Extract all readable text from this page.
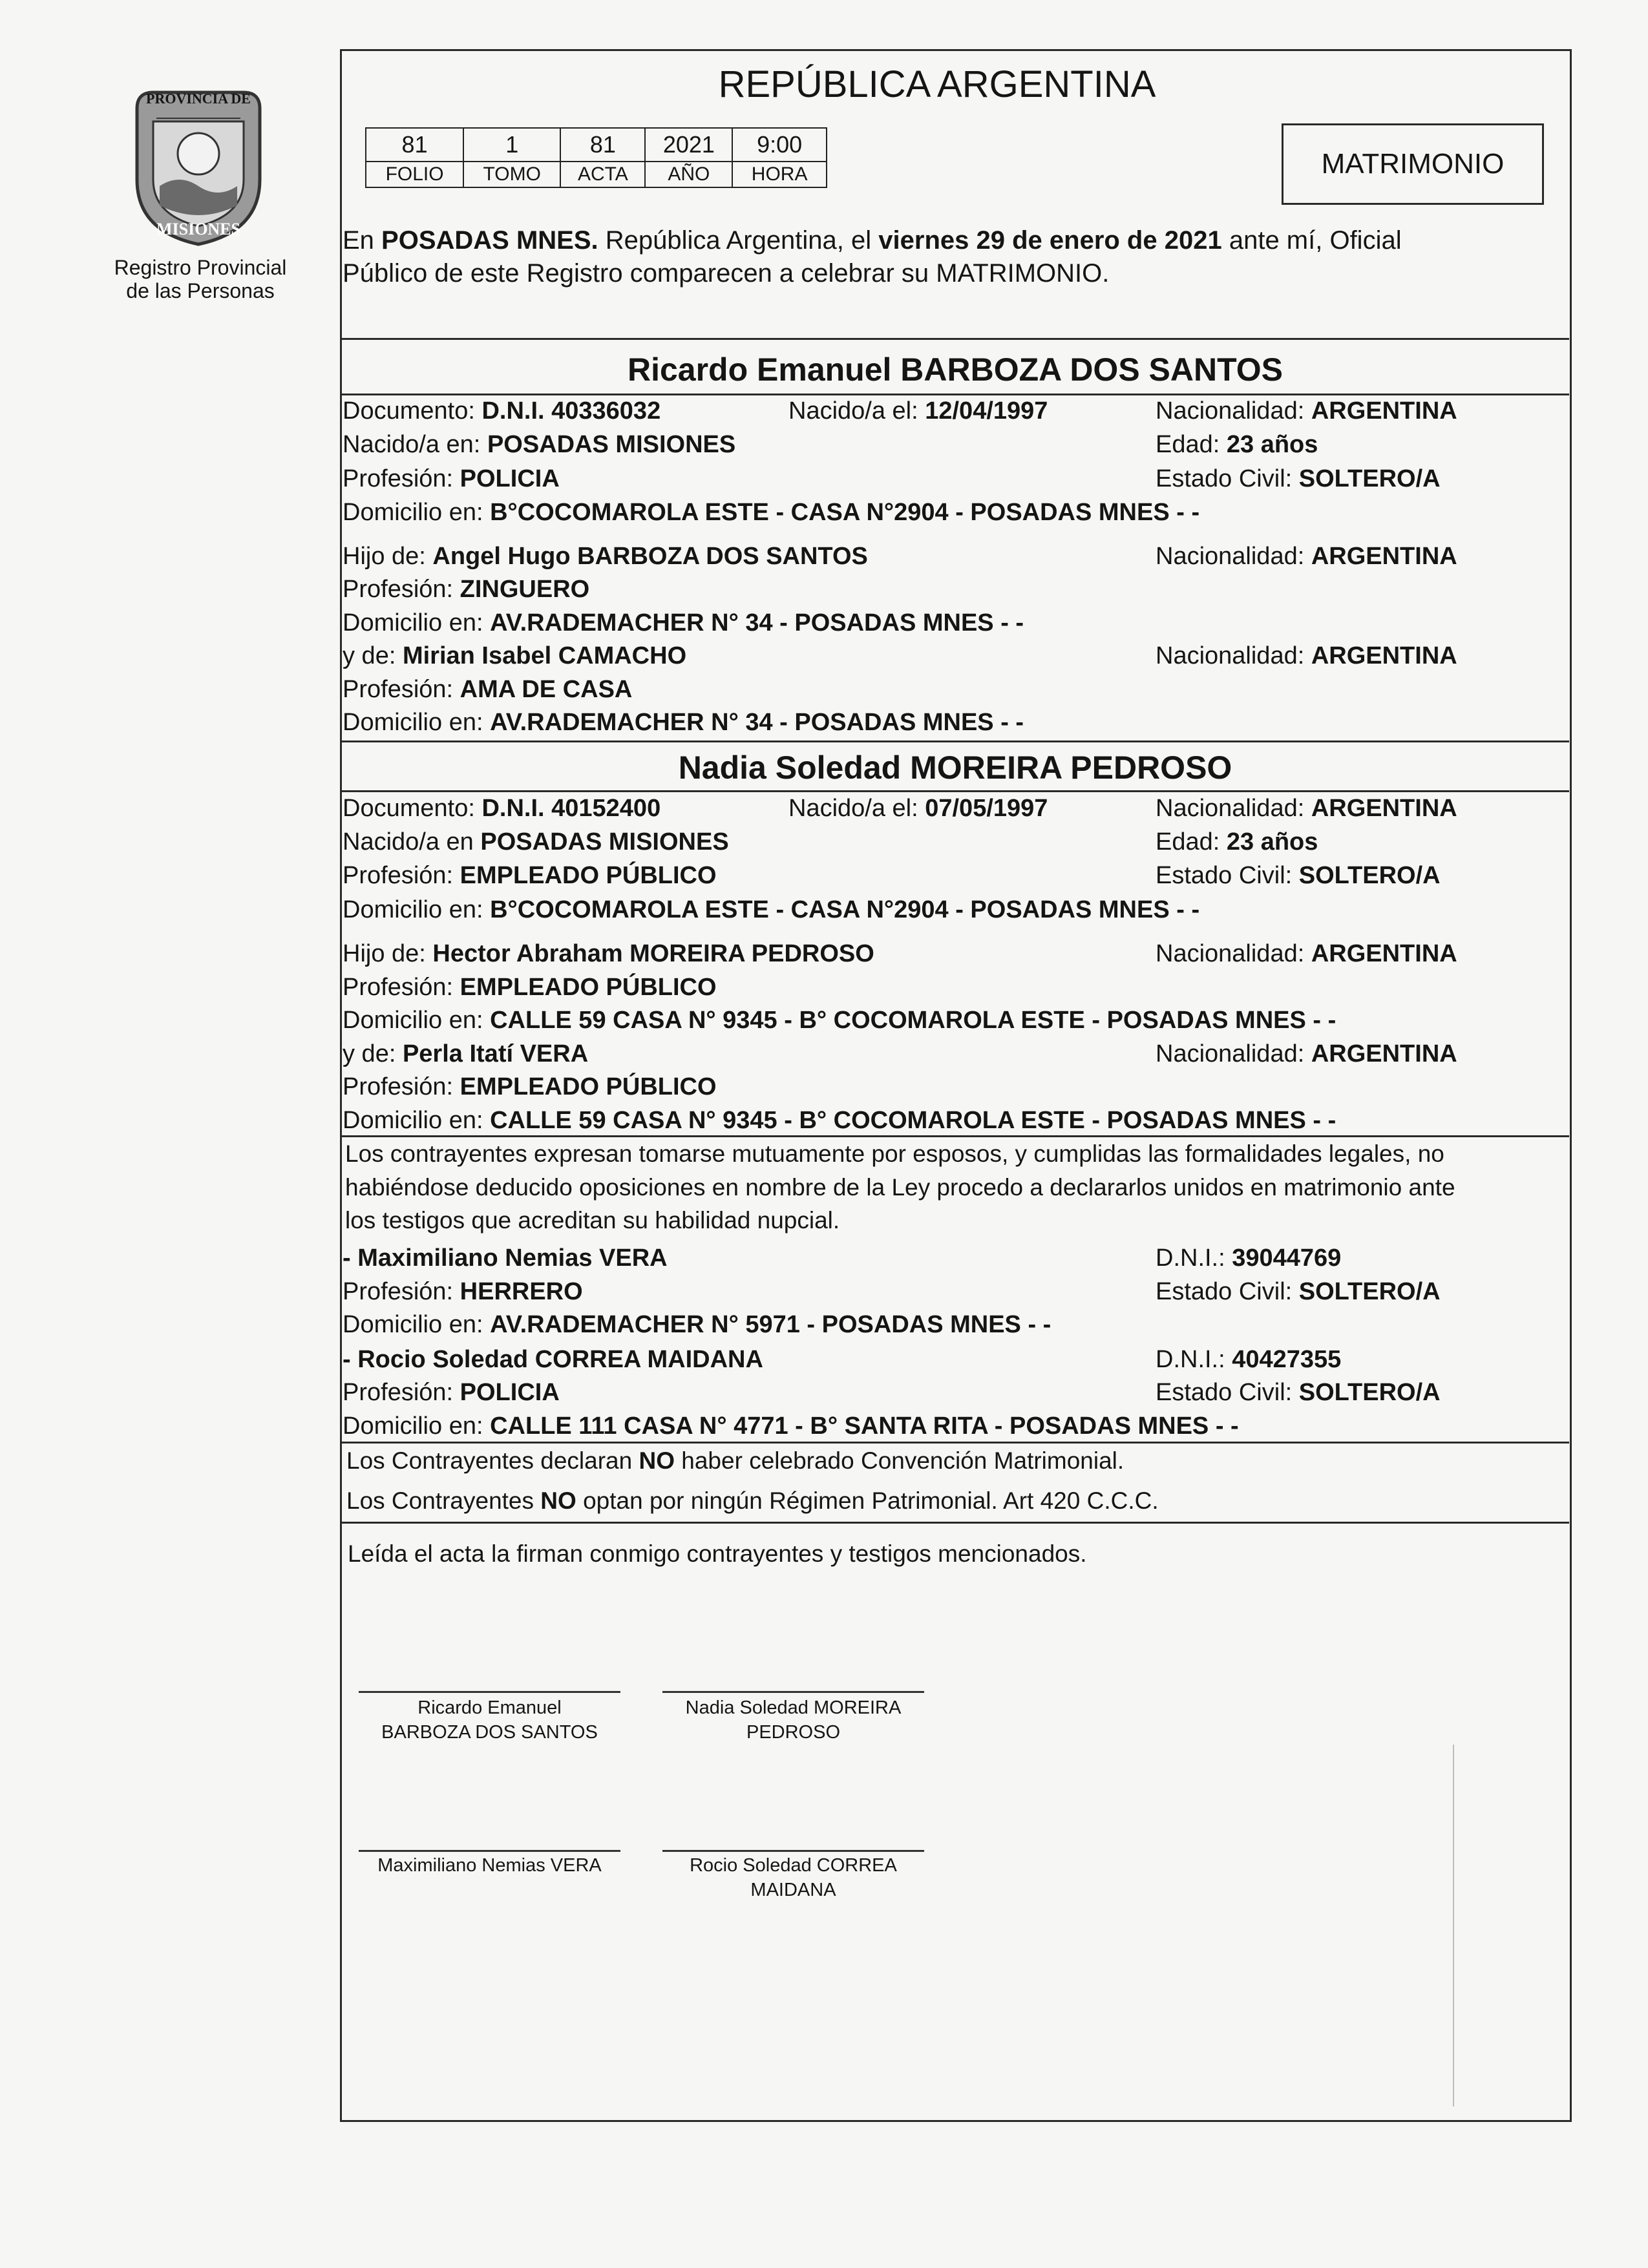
PROVINCIA DE
MISIONES
Registro Provincial
de las Personas
REPÚBLICA ARGENTINA
81	1	81	2021	9:00
FOLIO	TOMO	ACTA	AÑO	HORA	MATRIMONIO
En POSADAS MNES. República Argentina, el viernes 29 de enero de 2021 ante mí, Oficial
Público de este Registro comparecen a celebrar su MATRIMONIO.
Ricardo Emanuel BARBOZA DOS SANTOS
Documento: D.N.I. 40336032	Nacido/a el: 12/04/1997	Nacionalidad: ARGENTINA
Nacido/a en: POSADAS MISIONES	Edad: 23 años
Profesión: POLICIA	Estado Civil: SOLTERO/A
Domicilio en: B°COCOMAROLA ESTE - CASA N°2904 - POSADAS MNES - -
Hijo de: Angel Hugo BARBOZA DOS SANTOS	Nacionalidad: ARGENTINA
Profesión: ZINGUERO
Domicilio en: AV.RADEMACHER N° 34 - POSADAS MNES - -
y de: Mirian Isabel CAMACHO	Nacionalidad: ARGENTINA
Profesión: AMA DE CASA
Domicilio en: AV.RADEMACHER N° 34 - POSADAS MNES - -
Nadia Soledad MOREIRA PEDROSO
Documento: D.N.I. 40152400	Nacido/a el: 07/05/1997	Nacionalidad: ARGENTINA
Nacido/a en POSADAS MISIONES	Edad: 23 años
Profesión: EMPLEADO PÚBLICO	Estado Civil: SOLTERO/A
Domicilio en: B°COCOMAROLA ESTE - CASA N°2904 - POSADAS MNES - -
Hijo de: Hector Abraham MOREIRA PEDROSO	Nacionalidad: ARGENTINA
Profesión: EMPLEADO PÚBLICO
Domicilio en: CALLE 59 CASA N° 9345 - B° COCOMAROLA ESTE - POSADAS MNES - -
y de: Perla Itatí VERA	Nacionalidad: ARGENTINA
Profesión: EMPLEADO PÚBLICO
Domicilio en: CALLE 59 CASA N° 9345 - B° COCOMAROLA ESTE - POSADAS MNES - -
Los contrayentes expresan tomarse mutuamente por esposos, y cumplidas las formalidades legales, no
habiéndose deducido oposiciones en nombre de la Ley procedo a declararlos unidos en matrimonio ante
los testigos que acreditan su habilidad nupcial.
- Maximiliano Nemias VERA	D.N.I.: 39044769
Profesión: HERRERO	Estado Civil: SOLTERO/A
Domicilio en: AV.RADEMACHER N° 5971 - POSADAS MNES - -
- Rocio Soledad CORREA MAIDANA	D.N.I.: 40427355
Profesión: POLICIA	Estado Civil: SOLTERO/A
Domicilio en: CALLE 111 CASA N° 4771 - B° SANTA RITA - POSADAS MNES - -
Los Contrayentes declaran NO haber celebrado Convención Matrimonial.
Los Contrayentes NO optan por ningún Régimen Patrimonial. Art 420 C.C.C.
Leída el acta la firman conmigo contrayentes y testigos mencionados.
Ricardo Emanuel
BARBOZA DOS SANTOS
Nadia Soledad MOREIRA
PEDROSO
Maximiliano Nemias VERA	Rocio Soledad CORREA
MAIDANA
